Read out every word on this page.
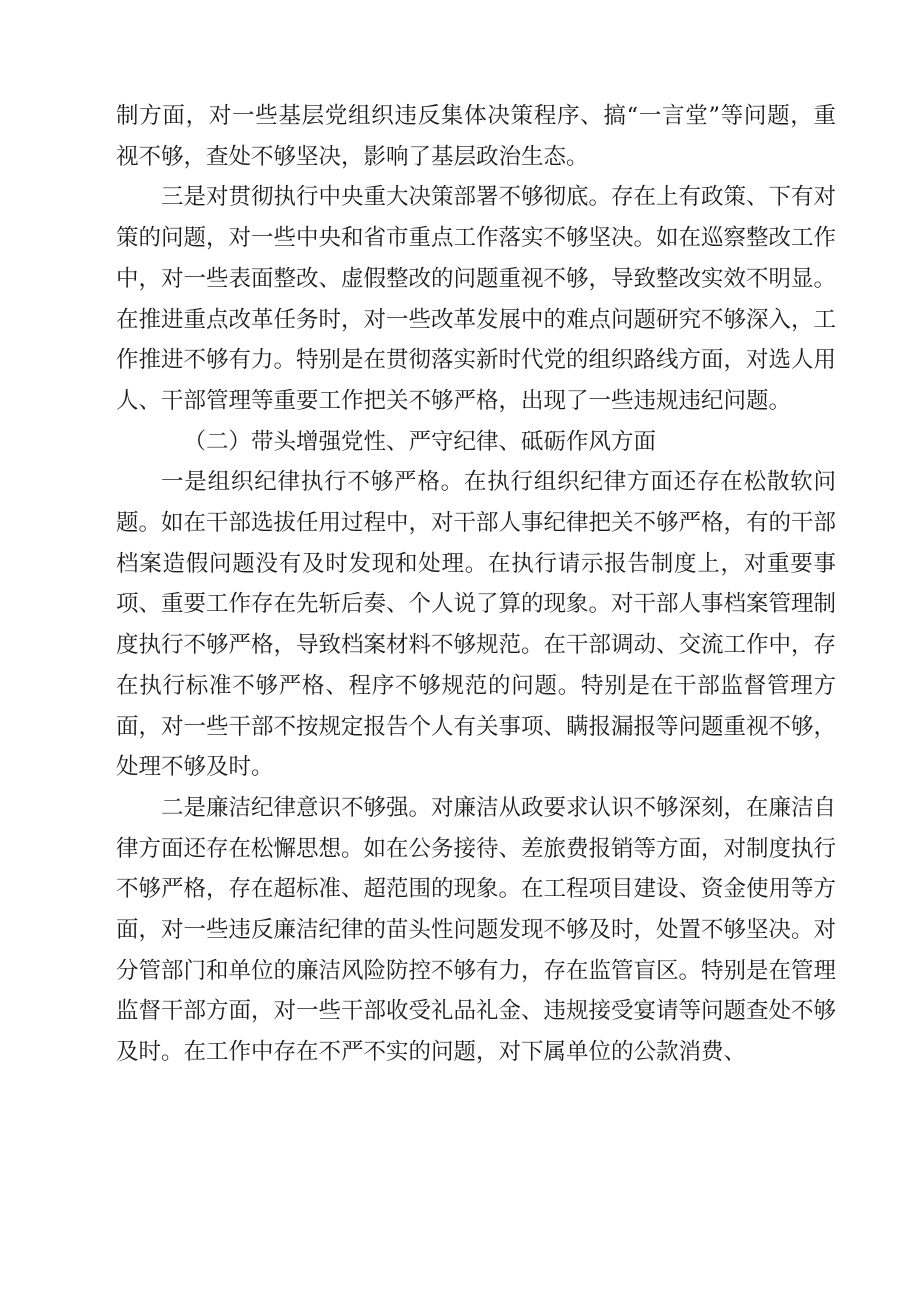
制方面，对一些基层党组织违反集体决策程序、搞“一言堂”等问题，重视不够，查处不够坚决，影响了基层政治生态。

三是对贯彻执行中央重大决策部署不够彻底。存在上有政策、下有对策的问题，对一些中央和省市重点工作落实不够坚决。如在巡察整改工作中，对一些表面整改、虚假整改的问题重视不够，导致整改实效不明显。在推进重点改革任务时，对一些改革发展中的难点问题研究不够深入，工作推进不够有力。特别是在贯彻落实新时代党的组织路线方面，对选人用人、干部管理等重要工作把关不够严格，出现了一些违规违纪问题。

（二）带头增强党性、严守纪律、砥砺作风方面

一是组织纪律执行不够严格。在执行组织纪律方面还存在松散软问题。如在干部选拔任用过程中，对干部人事纪律把关不够严格，有的干部档案造假问题没有及时发现和处理。在执行请示报告制度上，对重要事项、重要工作存在先斩后奏、个人说了算的现象。对干部人事档案管理制度执行不够严格，导致档案材料不够规范。在干部调动、交流工作中，存在执行标准不够严格、程序不够规范的问题。特别是在干部监督管理方面，对一些干部不按规定报告个人有关事项、瞒报漏报等问题重视不够，处理不够及时。

二是廉洁纪律意识不够强。对廉洁从政要求认识不够深刻，在廉洁自律方面还存在松懈思想。如在公务接待、差旅费报销等方面，对制度执行不够严格，存在超标准、超范围的现象。在工程项目建设、资金使用等方面，对一些违反廉洁纪律的苗头性问题发现不够及时，处置不够坚决。对分管部门和单位的廉洁风险防控不够有力，存在监管盲区。特别是在管理监督干部方面，对一些干部收受礼品礼金、违规接受宴请等问题查处不够及时。在工作中存在不严不实的问题，对下属单位的公款消费、
